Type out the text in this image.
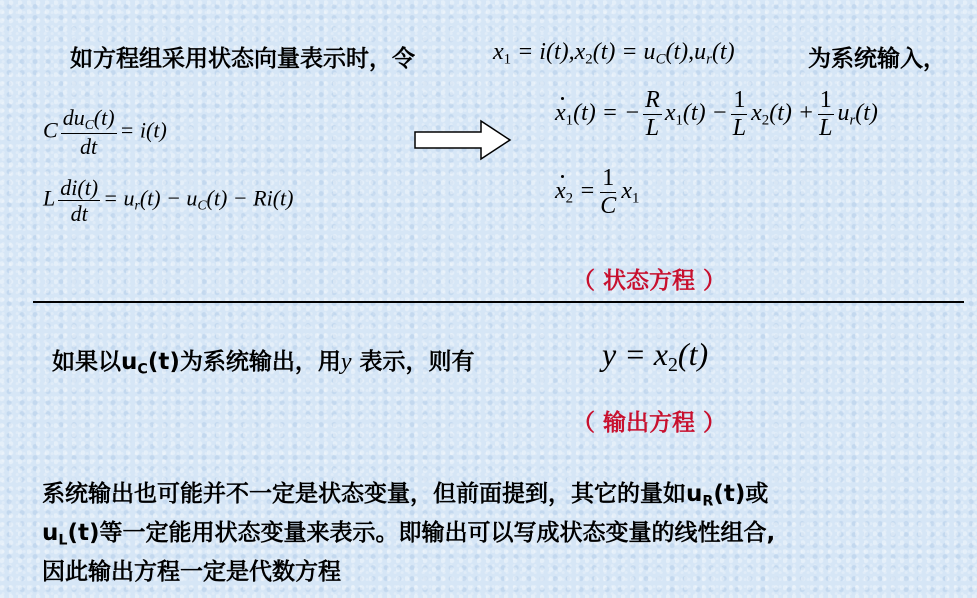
如方程组采用状态向量表示时，令	$x_1 = i(t),x_2(t) = u_C(t),u_r(t)$	为系统输入，
C $\frac{du_C(t)}{dt} = i(t)$
L $\frac{di(t)}{dt} = u_r(t) - u_C(t) - Ri(t)$
$x_1(t)$ = − $\frac{R}{L} x_1(t) - \frac{1}{L} x_2(t) + \frac{1}{L} u_r(t)$
$x_2 = \frac{1}{C} x_1$
（ 状态方程 ）
如果以$u_C(t)$为系统输出，用y 表示，则有	$y = x_2(t)$
（ 输出方程 ）
系统输出也可能并不一定是状态变量，但前面提到，其它的量如$u_R(t)$或
$u_L(t)$等一定能用状态变量来表示。即输出可以写成状态变量的线性组合,
因此输出方程一定是代数方程
